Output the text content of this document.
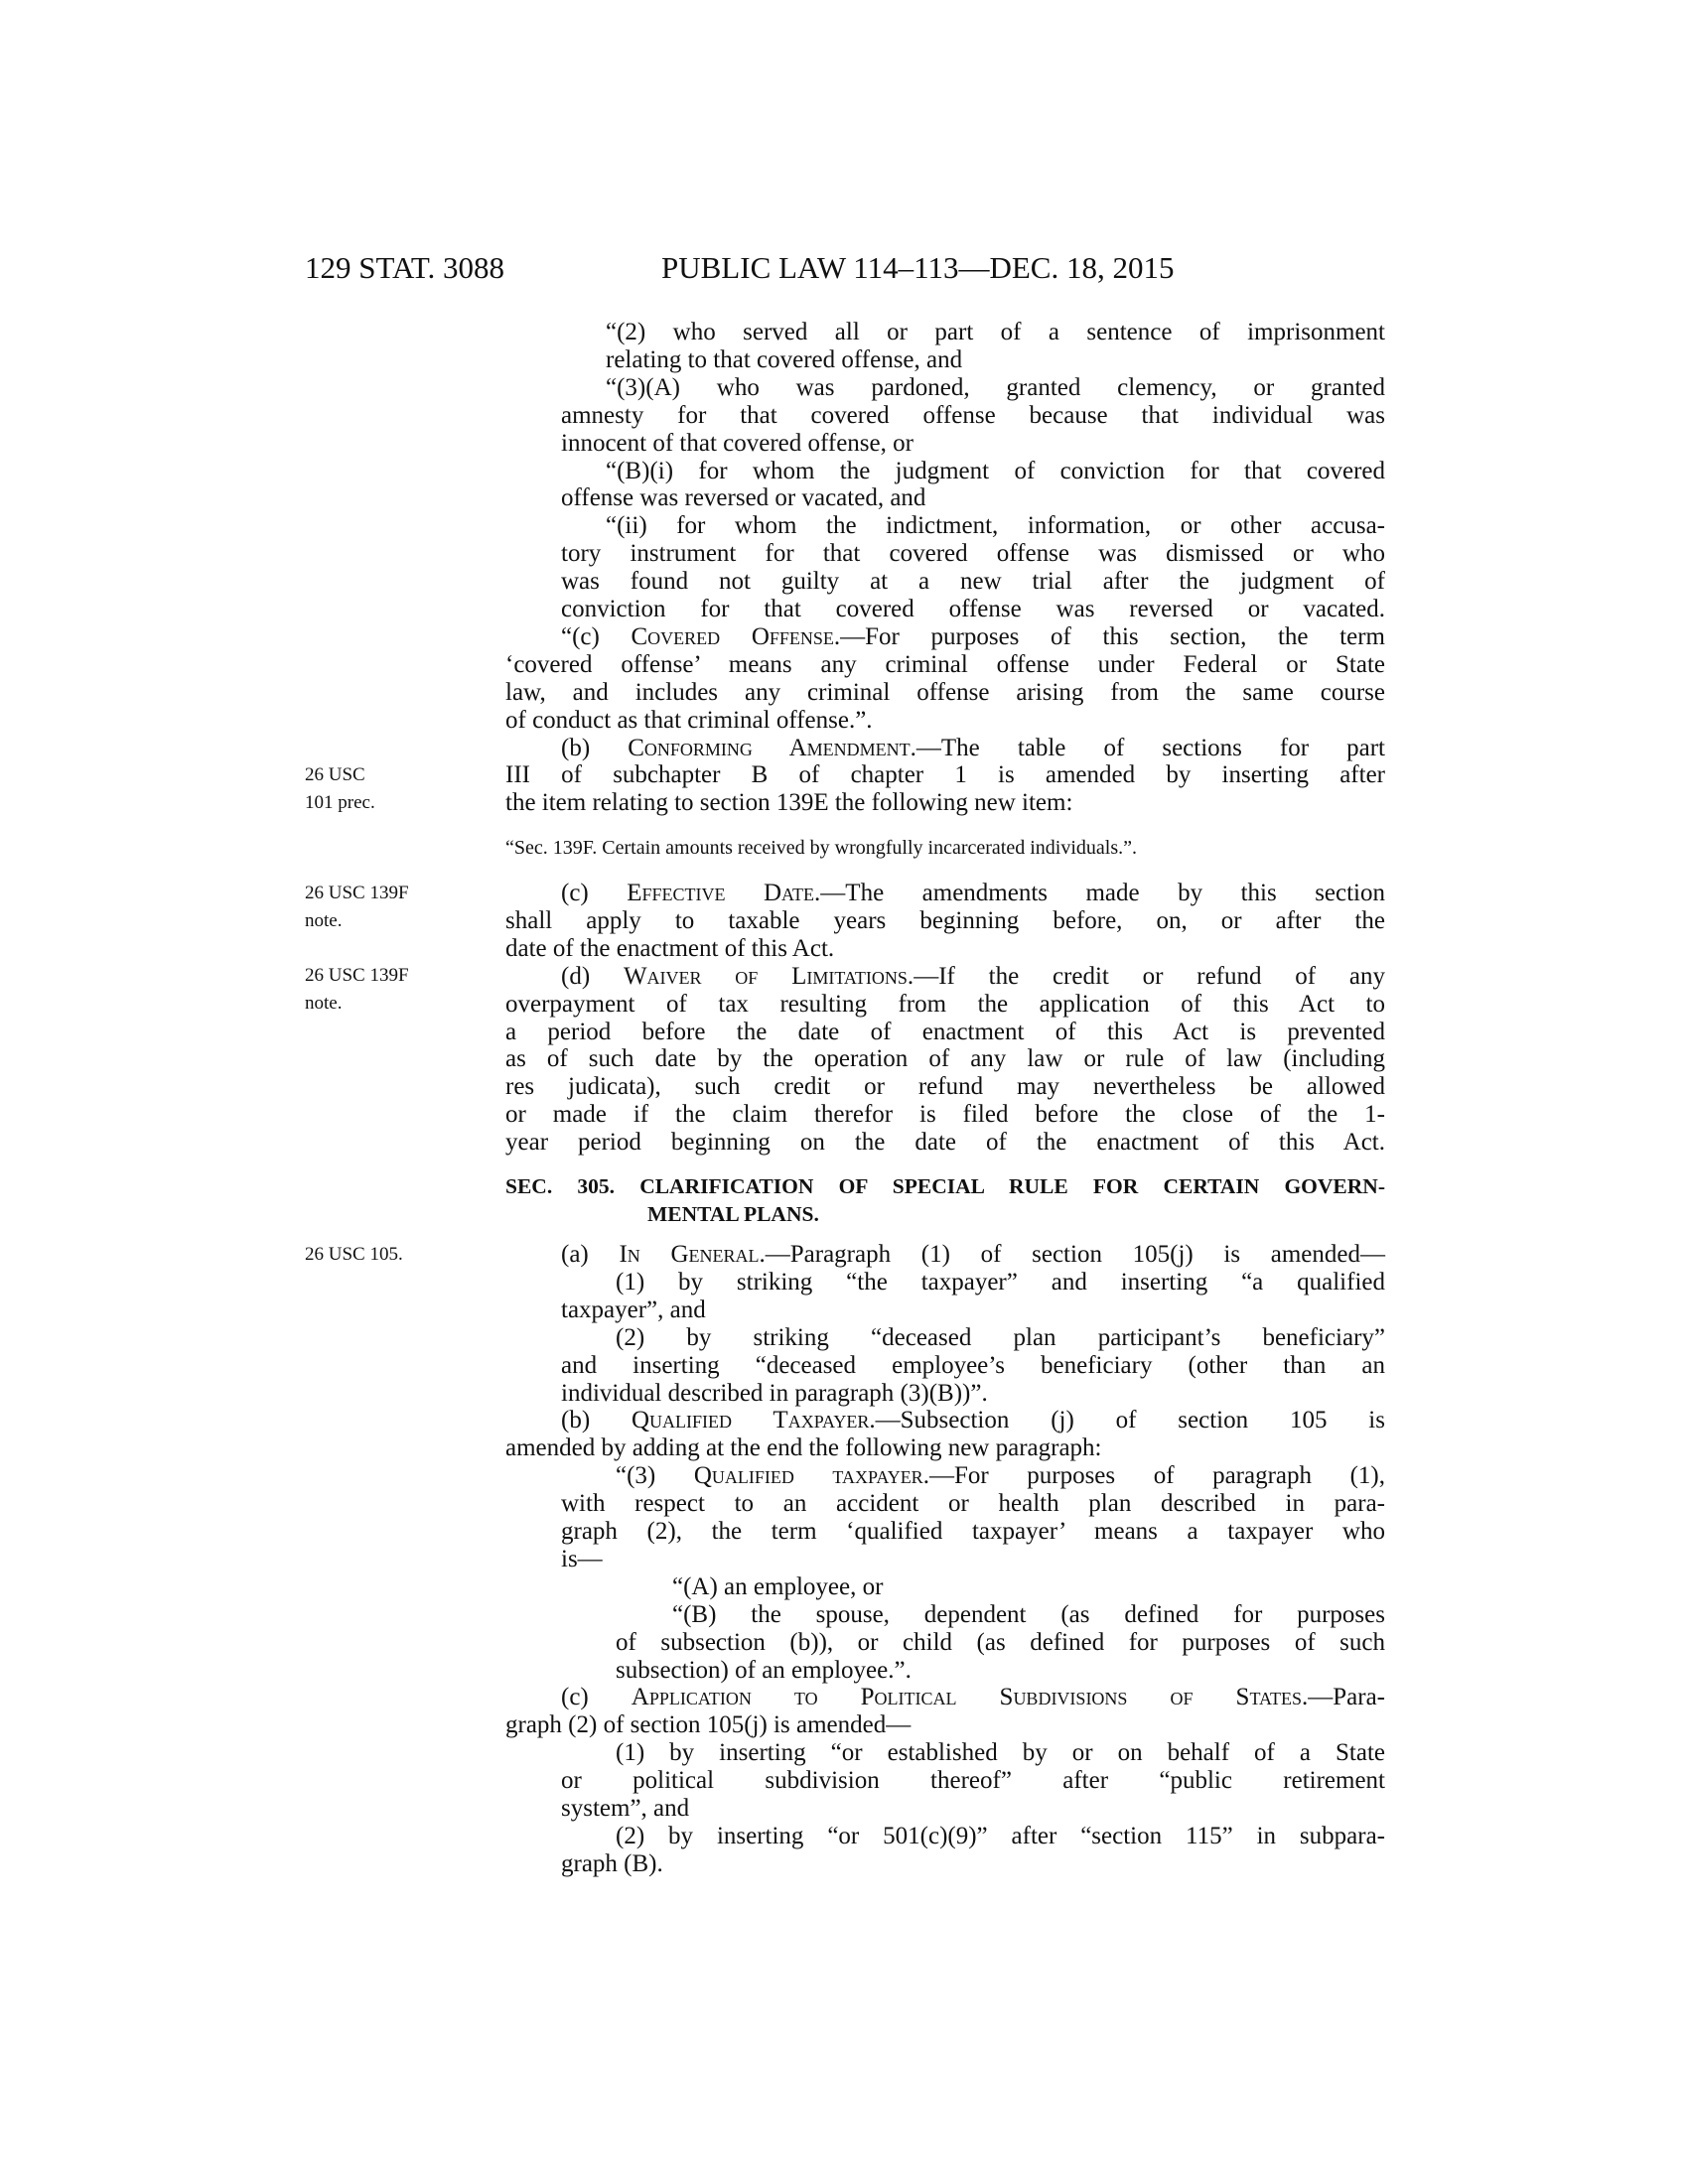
129 STAT. 3088	PUBLIC LAW 114–113—DEC. 18, 2015
26 USC
101 prec.
26 USC 139F
note.
26 USC 139F
note.
26 USC 105.
“(2) who served all or part of a sentence of imprisonment
relating to that covered offense, and
“(3)(A) who was pardoned, granted clemency, or granted
amnesty for that covered offense because that individual was
innocent of that covered offense, or
“(B)(i) for whom the judgment of conviction for that covered
offense was reversed or vacated, and
“(ii) for whom the indictment, information, or other accusa-
tory instrument for that covered offense was dismissed or who
was found not guilty at a new trial after the judgment of
conviction for that covered offense was reversed or vacated.
“(c) Covered Offense.—For purposes of this section, the term
‘covered offense’ means any criminal offense under Federal or State
law, and includes any criminal offense arising from the same course
of conduct as that criminal offense.”.
(b) Conforming Amendment.—The table of sections for part
III of subchapter B of chapter 1 is amended by inserting after
the item relating to section 139E the following new item:
“Sec. 139F. Certain amounts received by wrongfully incarcerated individuals.”.
(c) Effective Date.—The amendments made by this section
shall apply to taxable years beginning before, on, or after the
date of the enactment of this Act.
(d) Waiver of Limitations.—If the credit or refund of any
overpayment of tax resulting from the application of this Act to
a period before the date of enactment of this Act is prevented
as of such date by the operation of any law or rule of law (including
res judicata), such credit or refund may nevertheless be allowed
or made if the claim therefor is filed before the close of the 1-
year period beginning on the date of the enactment of this Act.
SEC. 305. CLARIFICATION OF SPECIAL RULE FOR CERTAIN GOVERN-
MENTAL PLANS.
(a) In General.—Paragraph (1) of section 105(j) is amended—
(1) by striking “the taxpayer” and inserting “a qualified
taxpayer”, and
(2) by striking “deceased plan participant’s beneficiary”
and inserting “deceased employee’s beneficiary (other than an
individual described in paragraph (3)(B))”.
(b) Qualified Taxpayer.—Subsection (j) of section 105 is
amended by adding at the end the following new paragraph:
“(3) Qualified taxpayer.—For purposes of paragraph (1),
with respect to an accident or health plan described in para-
graph (2), the term ‘qualified taxpayer’ means a taxpayer who
is—
“(A) an employee, or
“(B) the spouse, dependent (as defined for purposes
of subsection (b)), or child (as defined for purposes of such
subsection) of an employee.”.
(c) Application to Political Subdivisions of States.—Para-
graph (2) of section 105(j) is amended—
(1) by inserting “or established by or on behalf of a State
or political subdivision thereof” after “public retirement
system”, and
(2) by inserting “or 501(c)(9)” after “section 115” in subpara-
graph (B).
